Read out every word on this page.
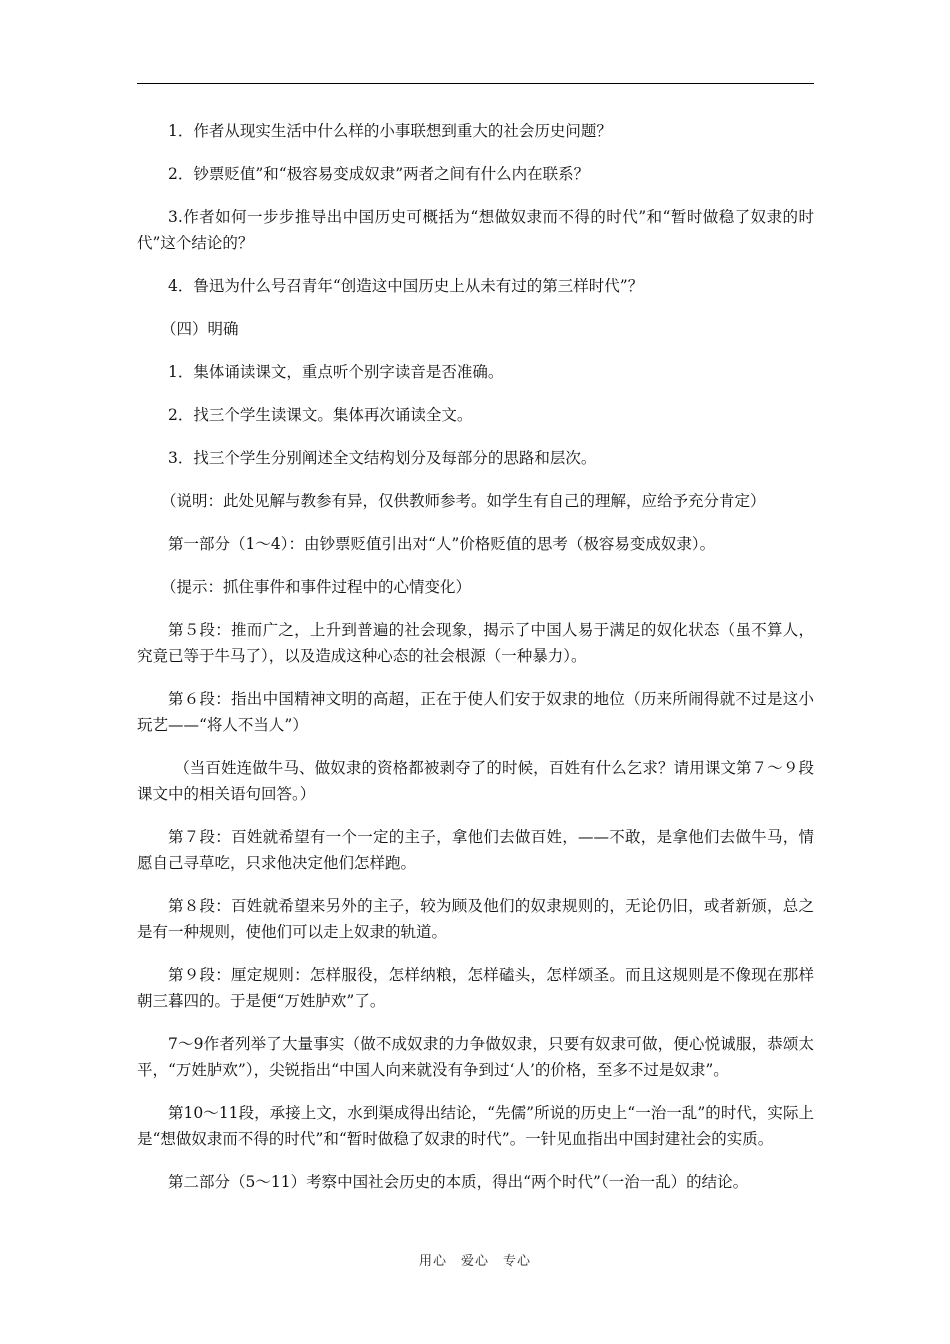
1．作者从现实生活中什么样的小事联想到重大的社会历史问题？

2．钞票贬值”和“极容易变成奴隶”两者之间有什么内在联系？

3.作者如何一步步推导出中国历史可概括为“想做奴隶而不得的时代”和“暂时做稳了奴隶的时代”这个结论的？

4．鲁迅为什么号召青年“创造这中国历史上从未有过的第三样时代”？

（四）明确

1．集体诵读课文，重点听个别字读音是否准确。

2．找三个学生读课文。集体再次诵读全文。

3．找三个学生分别阐述全文结构划分及每部分的思路和层次。

（说明：此处见解与教参有异，仅供教师参考。如学生有自己的理解，应给予充分肯定）

第一部分（1～4）：由钞票贬值引出对“人”价格贬值的思考（极容易变成奴隶）。

（提示：抓住事件和事件过程中的心情变化）

第５段：推而广之，上升到普遍的社会现象，揭示了中国人易于满足的奴化状态（虽不算人，究竟已等于牛马了），以及造成这种心态的社会根源（一种暴力）。

第６段：指出中国精神文明的高超，正在于使人们安于奴隶的地位（历来所闹得就不过是这小玩艺——“将人不当人”）

（当百姓连做牛马、做奴隶的资格都被剥夺了的时候，百姓有什么乞求？请用课文第７～９段课文中的相关语句回答。）

第７段：百姓就希望有一个一定的主子，拿他们去做百姓，——不敢，是拿他们去做牛马，情愿自己寻草吃，只求他决定他们怎样跑。

第８段：百姓就希望来另外的主子，较为顾及他们的奴隶规则的，无论仍旧，或者新颁，总之是有一种规则，使他们可以走上奴隶的轨道。

第９段：厘定规则：怎样服役，怎样纳粮，怎样磕头，怎样颂圣。而且这规则是不像现在那样朝三暮四的。于是便“万姓胪欢”了。

7～9作者列举了大量事实（做不成奴隶的力争做奴隶，只要有奴隶可做，便心悦诚服，恭颂太平，“万姓胪欢”），尖锐指出“中国人向来就没有争到过‘人’的价格，至多不过是奴隶”。

第10～11段，承接上文，水到渠成得出结论，“先儒”所说的历史上“一治一乱”的时代，实际上是“想做奴隶而不得的时代”和“暂时做稳了奴隶的时代”。一针见血指出中国封建社会的实质。

第二部分（5～11）考察中国社会历史的本质，得出“两个时代”（一治一乱）的结论。

用心　爱心　专心
